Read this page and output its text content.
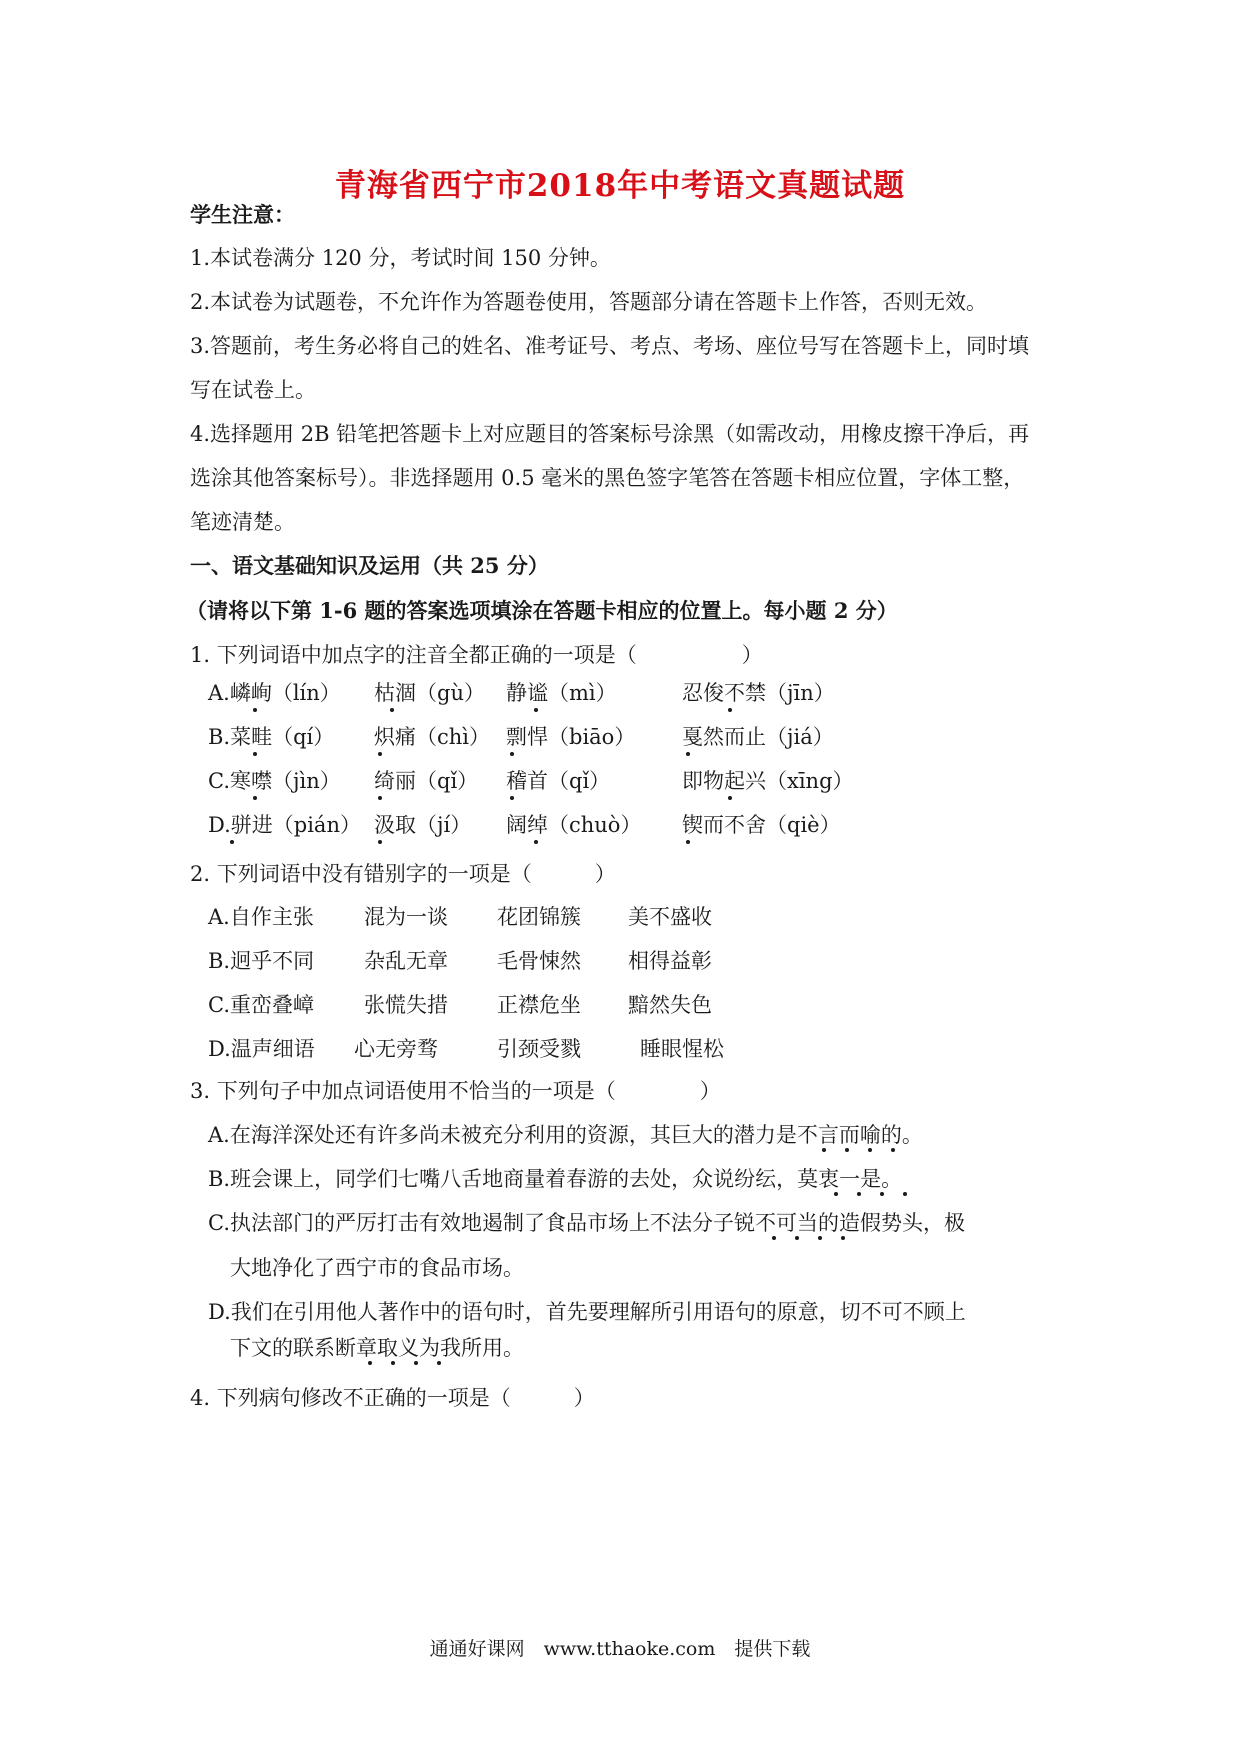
青海省西宁市2018年中考语文真题试题
学生注意：
1.本试卷满分 120 分，考试时间 150 分钟。
2.本试卷为试题卷，不允许作为答题卷使用，答题部分请在答题卡上作答，否则无效。
3.答题前，考生务必将自己的姓名、准考证号、考点、考场、座位号写在答题卡上，同时填
写在试卷上。
4.选择题用 2B 铅笔把答题卡上对应题目的答案标号涂黑（如需改动，用橡皮擦干净后，再
选涂其他答案标号）。非选择题用 0.5 毫米的黑色签字笔答在答题卡相应位置，字体工整，
笔迹清楚。
一、语文基础知识及运用（共 25 分）
（请将以下第 1-6 题的答案选项填涂在答题卡相应的位置上。每小题 2 分）
1. 下列词语中加点字的注音全都正确的一项是（　　　　　）
A.嶙峋（lín） 枯涸（gù） 静谧（mì）	忍俊不禁（jīn）
B.菜畦（qí） 炽痛（chì） 剽悍（biāo） 戛然而止（jiá）
C.寒噤（jìn） 绮丽（qǐ） 稽首（qǐ）	即物起兴（xīng）
D.骈进（pián） 汲取（jí） 阔绰（chuò） 锲而不舍（qiè）
2. 下列词语中没有错别字的一项是（　　　）
A.自作主张 混为一谈 花团锦簇 美不盛收
B.迥乎不同 杂乱无章 毛骨悚然 相得益彰
C.重峦叠嶂 张慌失措 正襟危坐 黯然失色
D.温声细语 心无旁骛	引颈受戮	睡眼惺松
3. 下列句子中加点词语使用不恰当的一项是（　　　　）
A.在海洋深处还有许多尚未被充分利用的资源，其巨大的潜力是不言而喻的。
B.班会课上，同学们七嘴八舌地商量着春游的去处，众说纷纭，莫衷一是。
C.执法部门的严厉打击有效地遏制了食品市场上不法分子锐不可当的造假势头，极
大地净化了西宁市的食品市场。
D.我们在引用他人著作中的语句时，首先要理解所引用语句的原意，切不可不顾上
下文的联系断章取义为我所用。
4. 下列病句修改不正确的一项是（　　　）
通通好课网　www.tthaoke.com　提供下载
